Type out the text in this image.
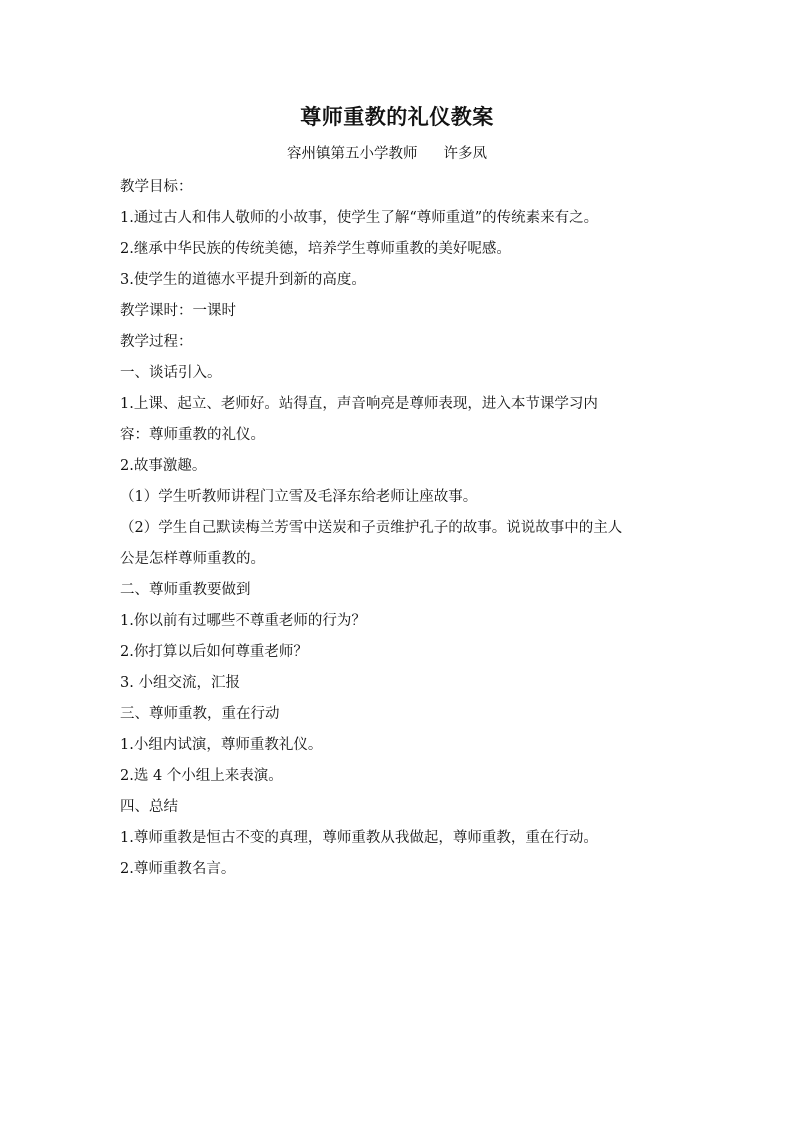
尊师重教的礼仪教案

容州镇第五小学教师 许多凤

教学目标：

1.通过古人和伟人敬师的小故事，使学生了解“尊师重道”的传统素来有之。

2.继承中华民族的传统美德，培养学生尊师重教的美好呢感。

3.使学生的道德水平提升到新的高度。

教学课时：一课时

教学过程：

一、谈话引入。

1.上课、起立、老师好。站得直，声音响亮是尊师表现，进入本节课学习内

容：尊师重教的礼仪。

2.故事激趣。

（1）学生听教师讲程门立雪及毛泽东给老师让座故事。

（2）学生自己默读梅兰芳雪中送炭和子贡维护孔子的故事。说说故事中的主人

公是怎样尊师重教的。

二、尊师重教要做到

1.你以前有过哪些不尊重老师的行为？

2.你打算以后如何尊重老师？

3. 小组交流，汇报

三、尊师重教，重在行动

1.小组内试演，尊师重教礼仪。

2.选 4 个小组上来表演。

四、总结

1.尊师重教是恒古不变的真理，尊师重教从我做起，尊师重教，重在行动。

2.尊师重教名言。
